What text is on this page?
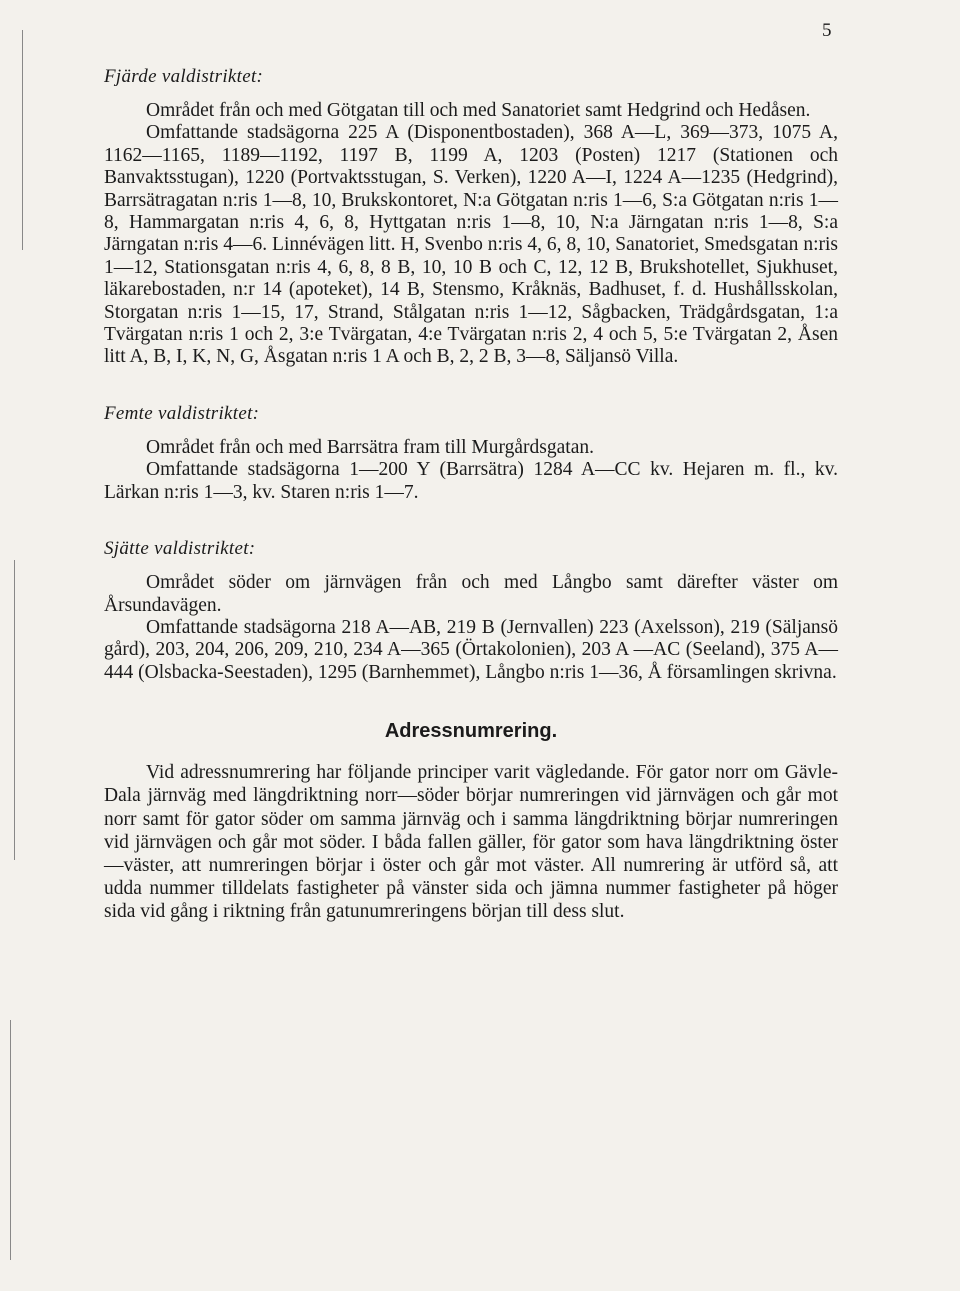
5
Fjärde valdistriktet:

Området från och med Götgatan till och med Sanatoriet samt Hedgrind och Hedåsen.

Omfattande stadsägorna 225 A (Disponentbostaden), 368 A—L, 369—373, 1075 A, 1162—1165, 1189—1192, 1197 B, 1199 A, 1203 (Posten) 1217 (Stationen och Banvaktsstugan), 1220 (Portvaktsstugan, S. Verken), 1220 A—I, 1224 A—1235 (Hedgrind), Barrsätragatan n:ris 1—8, 10, Brukskontoret, N:a Götgatan n:ris 1—6, S:a Götgatan n:ris 1—8, Hammargatan n:ris 4, 6, 8, Hyttgatan n:ris 1—8, 10, N:a Järngatan n:ris 1—8, S:a Järngatan n:ris 4—6. Linnévägen litt. H, Svenbo n:ris 4, 6, 8, 10, Sanatoriet, Smedsgatan n:ris 1—12, Stationsgatan n:ris 4, 6, 8, 8 B, 10, 10 B och C, 12, 12 B, Brukshotellet, Sjukhuset, läkarebostaden, n:r 14 (apoteket), 14 B, Stensmo, Kråknäs, Badhuset, f. d. Hushållsskolan, Storgatan n:ris 1—15, 17, Strand, Stålgatan n:ris 1—12, Sågbacken, Trädgårdsgatan, 1:a Tvärgatan n:ris 1 och 2, 3:e Tvärgatan, 4:e Tvärgatan n:ris 2, 4 och 5, 5:e Tvärgatan 2, Åsen litt A, B, I, K, N, G, Åsgatan n:ris 1 A och B, 2, 2 B, 3—8, Säljansö Villa.

Femte valdistriktet:

Området från och med Barrsätra fram till Murgårdsgatan.

Omfattande stadsägorna 1—200 Y (Barrsätra) 1284 A—CC kv. Hejaren m. fl., kv. Lärkan n:ris 1—3, kv. Staren n:ris 1—7.

Sjätte valdistriktet:

Området söder om järnvägen från och med Långbo samt därefter väster om Årsundavägen.

Omfattande stadsägorna 218 A—AB, 219 B (Jernvallen) 223 (Axelsson), 219 (Säljansö gård), 203, 204, 206, 209, 210, 234 A—365 (Örtakolonien), 203 A —AC (Seeland), 375 A—444 (Olsbacka-Seestaden), 1295 (Barnhemmet), Långbo n:ris 1—36, Å församlingen skrivna.

Adressnumrering.

Vid adressnumrering har följande principer varit vägledande. För gator norr om Gävle-Dala järnväg med längdriktning norr—söder börjar numreringen vid järnvägen och går mot norr samt för gator söder om samma järnväg och i samma längdriktning börjar numreringen vid järnvägen och går mot söder. I båda fallen gäller, för gator som hava längdriktning öster—väster, att numreringen börjar i öster och går mot väster. All numrering är utförd så, att udda nummer tilldelats fastigheter på vänster sida och jämna nummer fastigheter på höger sida vid gång i riktning från gatunumreringens början till dess slut.
